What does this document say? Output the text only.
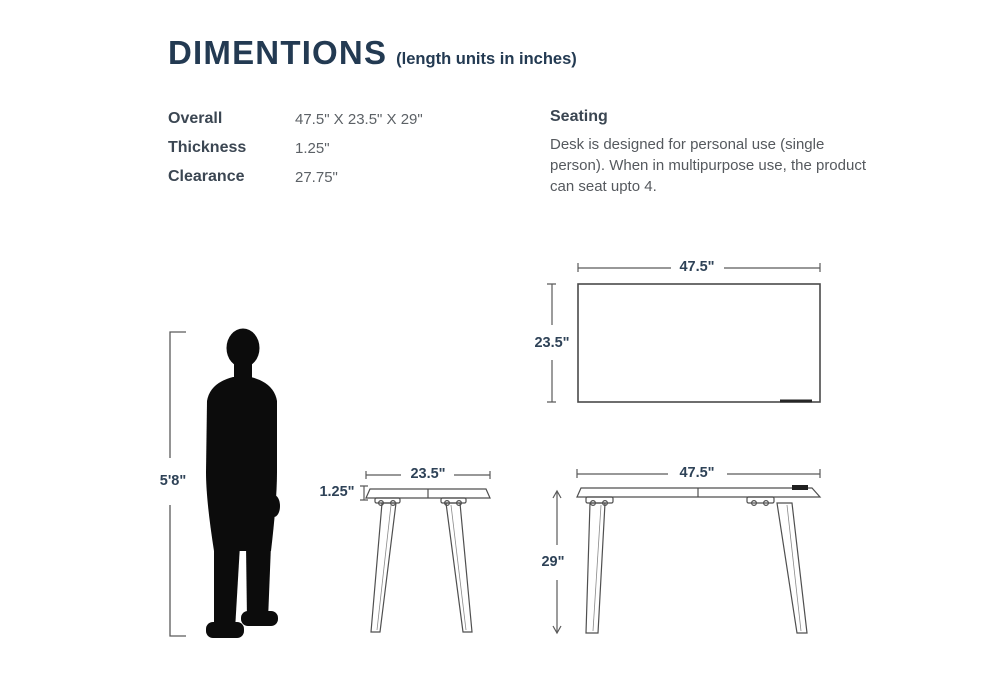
DIMENTIONS (length units in inches)
Overall	47.5" X 23.5" X 29"
Thickness	1.25"
Clearance	27.75"
Seating

Desk is designed for personal use (single person). When in multipurpose use, the product can seat upto 4.

5'8"
47.5"
23.5"
23.5"
1.25"
47.5"
29"
